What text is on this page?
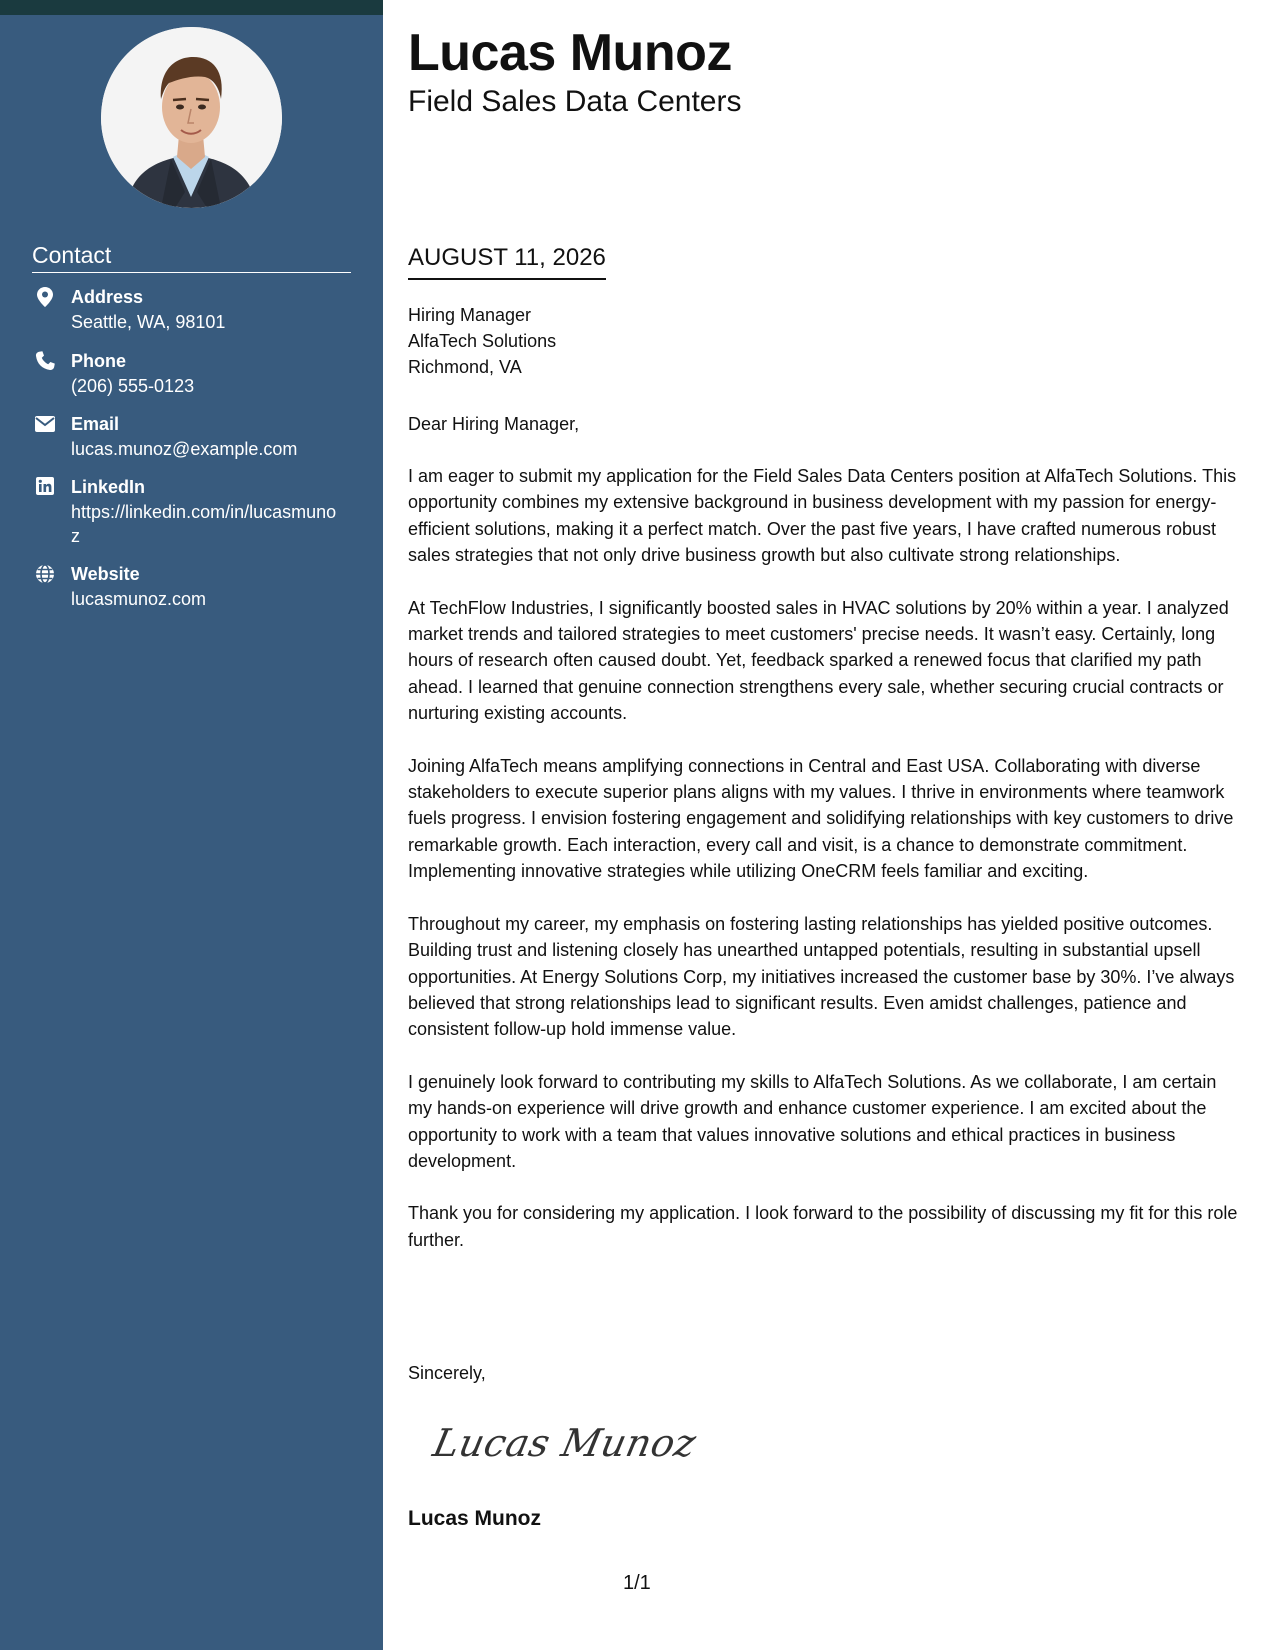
Contact
Address
Seattle, WA, 98101
Phone
(206) 555-0123
Email
lucas.munoz@example.com
LinkedIn
https://linkedin.com/in/lucasmunoz
Website
lucasmunoz.com
Lucas Munoz
Field Sales Data Centers
AUGUST 11, 2026
Hiring Manager
AlfaTech Solutions
Richmond, VA
Dear Hiring Manager,

I am eager to submit my application for the Field Sales Data Centers position at AlfaTech Solutions. This opportunity combines my extensive background in business development with my passion for energy-efficient solutions, making it a perfect match. Over the past five years, I have crafted numerous robust sales strategies that not only drive business growth but also cultivate strong relationships.

At TechFlow Industries, I significantly boosted sales in HVAC solutions by 20% within a year. I analyzed market trends and tailored strategies to meet customers' precise needs. It wasn’t easy. Certainly, long hours of research often caused doubt. Yet, feedback sparked a renewed focus that clarified my path ahead. I learned that genuine connection strengthens every sale, whether securing crucial contracts or nurturing existing accounts.

Joining AlfaTech means amplifying connections in Central and East USA. Collaborating with diverse stakeholders to execute superior plans aligns with my values. I thrive in environments where teamwork fuels progress. I envision fostering engagement and solidifying relationships with key customers to drive remarkable growth. Each interaction, every call and visit, is a chance to demonstrate commitment. Implementing innovative strategies while utilizing OneCRM feels familiar and exciting.

Throughout my career, my emphasis on fostering lasting relationships has yielded positive outcomes. Building trust and listening closely has unearthed untapped potentials, resulting in substantial upsell opportunities. At Energy Solutions Corp, my initiatives increased the customer base by 30%. I’ve always believed that strong relationships lead to significant results. Even amidst challenges, patience and consistent follow-up hold immense value.

I genuinely look forward to contributing my skills to AlfaTech Solutions. As we collaborate, I am certain my hands-on experience will drive growth and enhance customer experience. I am excited about the opportunity to work with a team that values innovative solutions and ethical practices in business development.

Thank you for considering my application. I look forward to the possibility of discussing my fit for this role further.

Sincerely,
Lucas Munoz
Lucas Munoz
1/1
